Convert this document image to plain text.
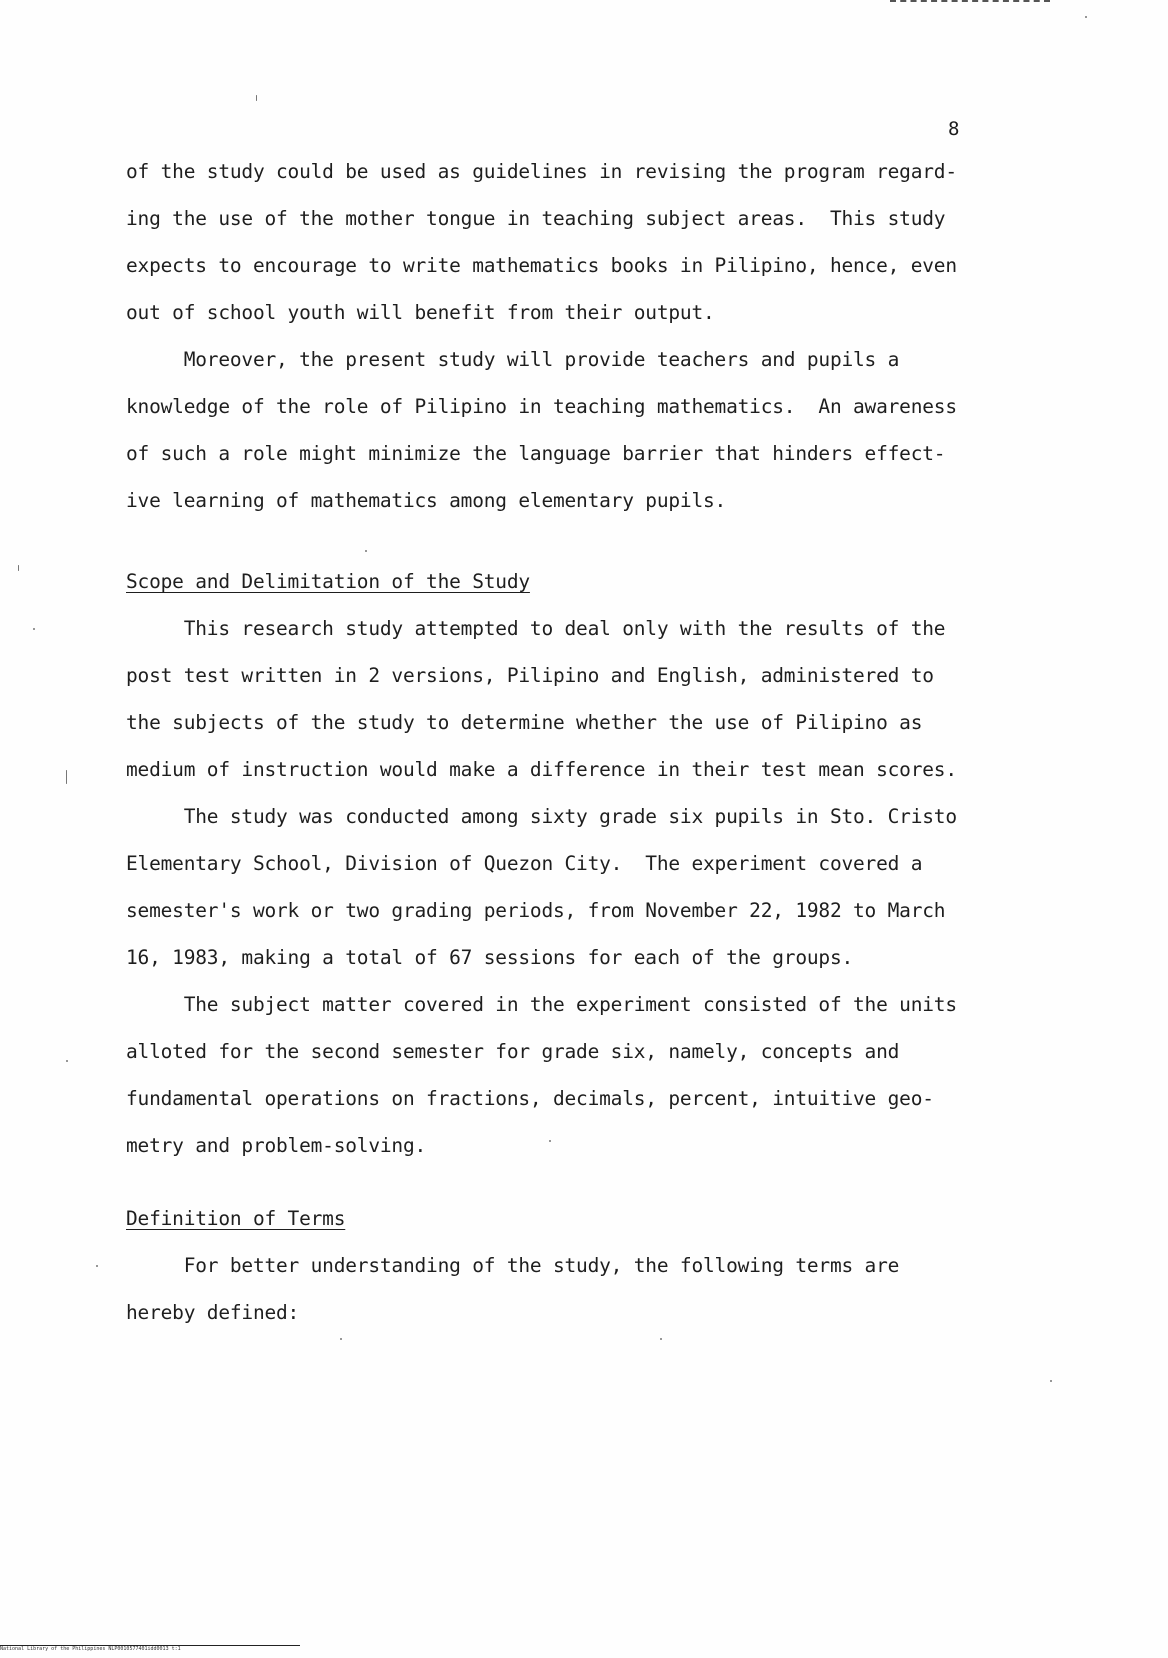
8
of the study could be used as guidelines in revising the program regard-
ing the use of the mother tongue in teaching subject areas.  This study
expects to encourage to write mathematics books in Pilipino, hence, even
out of school youth will benefit from their output.
Moreover, the present study will provide teachers and pupils a
knowledge of the role of Pilipino in teaching mathematics.  An awareness
of such a role might minimize the language barrier that hinders effect-
ive learning of mathematics among elementary pupils.
Scope and Delimitation of the Study
This research study attempted to deal only with the results of the
post test written in 2 versions, Pilipino and English, administered to
the subjects of the study to determine whether the use of Pilipino as
medium of instruction would make a difference in their test mean scores.
The study was conducted among sixty grade six pupils in Sto. Cristo
Elementary School, Division of Quezon City.  The experiment covered a
semester's work or two grading periods, from November 22, 1982 to March
16, 1983, making a total of 67 sessions for each of the groups.
The subject matter covered in the experiment consisted of the units
alloted for the second semester for grade six, namely, concepts and
fundamental operations on fractions, decimals, percent, intuitive geo-
metry and problem-solving.
Definition of Terms
For better understanding of the study, the following terms are
hereby defined:
National Library of the Philippines NLP0010577401idd0013 t:1
